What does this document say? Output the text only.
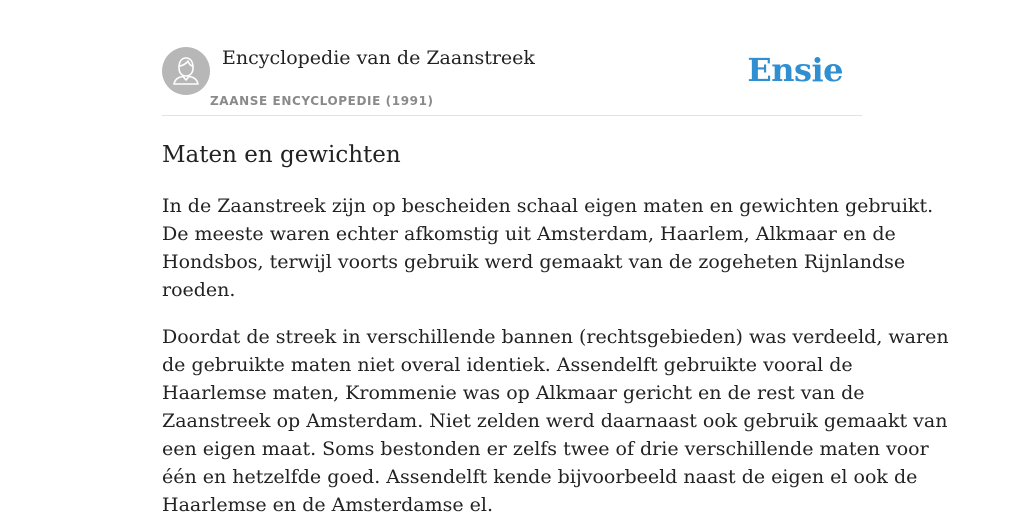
Encyclopedie van de Zaanstreek
ZAANSE ENCYCLOPEDIE (1991)
Ensie
Maten en gewichten

In de Zaanstreek zijn op bescheiden schaal eigen maten en gewichten gebruikt.
De meeste waren echter afkomstig uit Amsterdam, Haarlem, Alkmaar en de
Hondsbos, terwijl voorts gebruik werd gemaakt van de zogeheten Rijnlandse
roeden.

Doordat de streek in verschillende bannen (rechtsgebieden) was verdeeld, waren
de gebruikte maten niet overal identiek. Assendelft gebruikte vooral de
Haarlemse maten, Krommenie was op Alkmaar gericht en de rest van de
Zaanstreek op Amsterdam. Niet zelden werd daarnaast ook gebruik gemaakt van
een eigen maat. Soms bestonden er zelfs twee of drie verschillende maten voor
één en hetzelfde goed. Assendelft kende bijvoorbeeld naast de eigen el ook de
Haarlemse en de Amsterdamse el.
